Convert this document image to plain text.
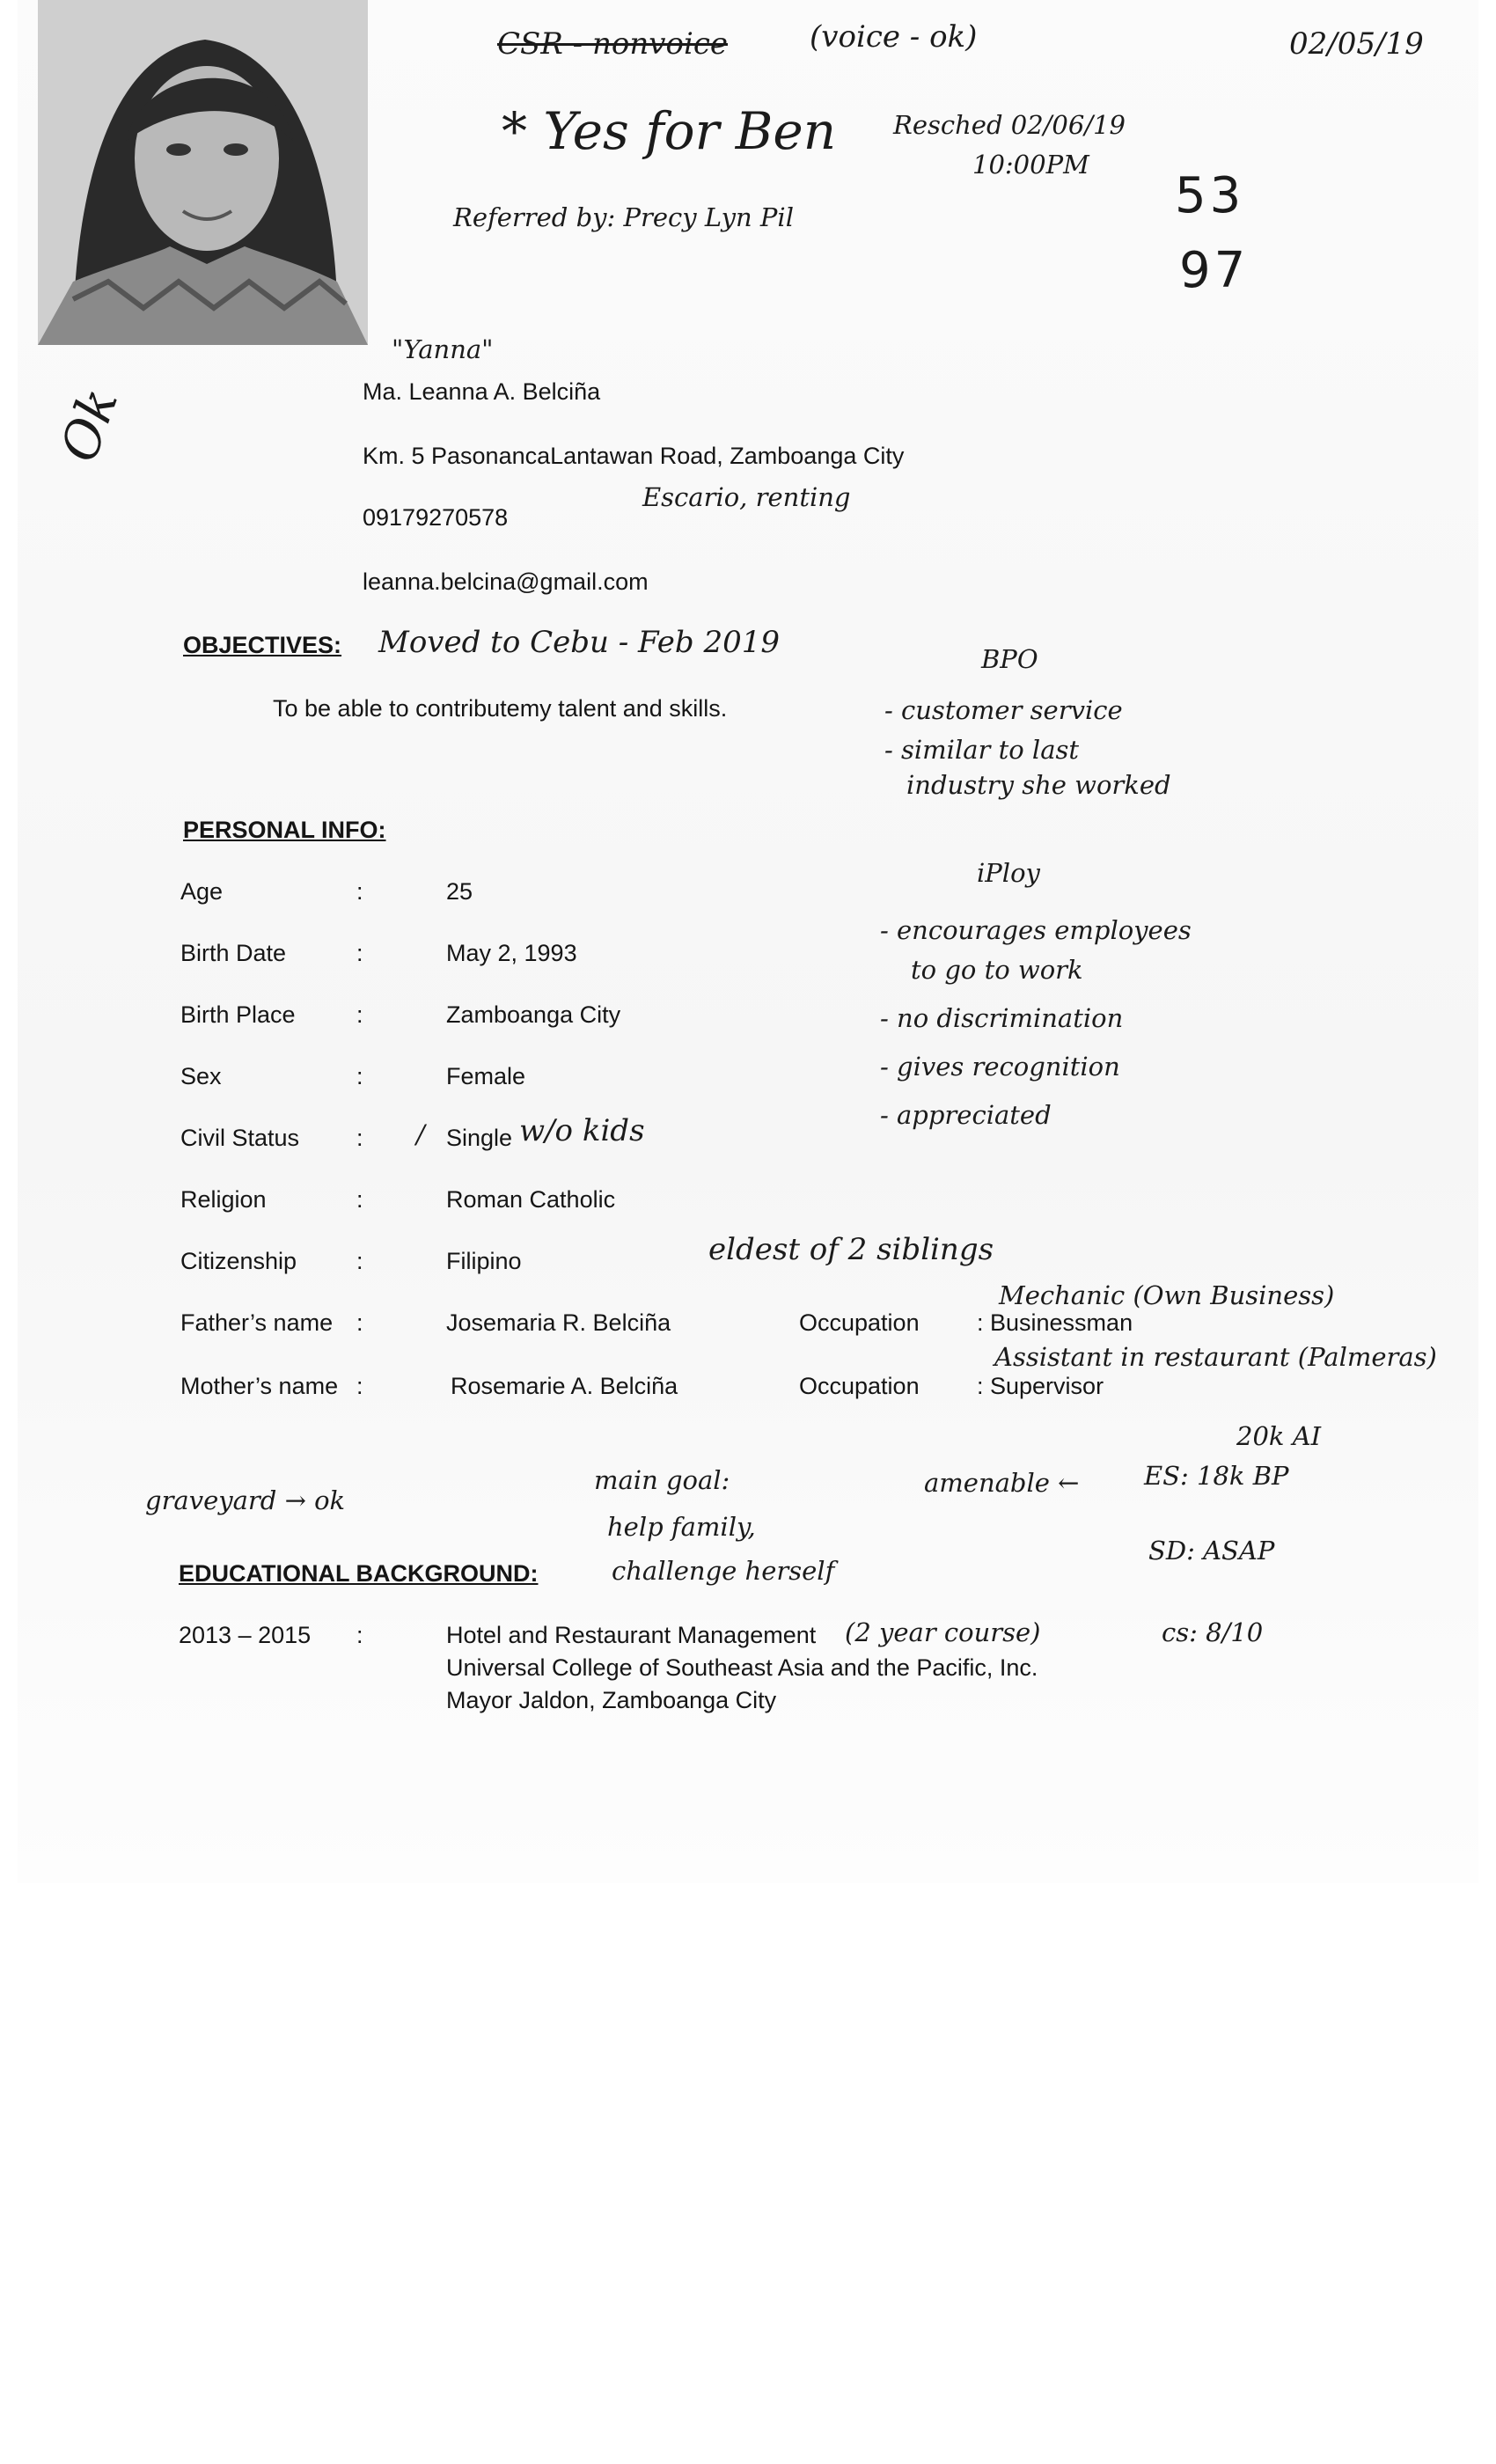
CSR - nonvoice	(voice - ok)	02/05/19
* Yes for Ben Resched 02/06/19
10:00PM
Referred by: Precy Lyn Pil	53
97
Ok
"Yanna"
Ma. Leanna A. Belciña
Km. 5 PasonancaLantawan Road, Zamboanga City
09179270578
Escario, renting
leanna.belcina@gmail.com
OBJECTIVES: Moved to Cebu - Feb 2019
To be able to contributemy talent and skills.
BPO
- customer service
- similar to last
industry she worked
iPloy
- encourages employees
to go to work
- no discrimination
- gives recognition
- appreciated
PERSONAL INFO:
Age	:	25
Birth Date	:	May 2, 1993
Birth Place	:	Zamboanga City
Sex	:	Female
Civil Status : / Single w/o kids
Religion	:	Roman Catholic
Citizenship	:	Filipino	eldest of 2 siblings
Mechanic (Own Business)
Father’s name :	Josemaria R. Belciña	Occupation : Businessman
Assistant in restaurant (Palmeras)
Mother’s name :	Rosemarie A. Belciña	Occupation : Supervisor
20k AI
graveyard → ok
main goal:	amenable ←	ES: 18k BP
help family,
SD: ASAP
challenge herself
EDUCATIONAL BACKGROUND:
2013 – 2015 :	Hotel and Restaurant Management (2 year course)	cs: 8/10
Universal College of Southeast Asia and the Pacific, Inc.
Mayor Jaldon, Zamboanga City
